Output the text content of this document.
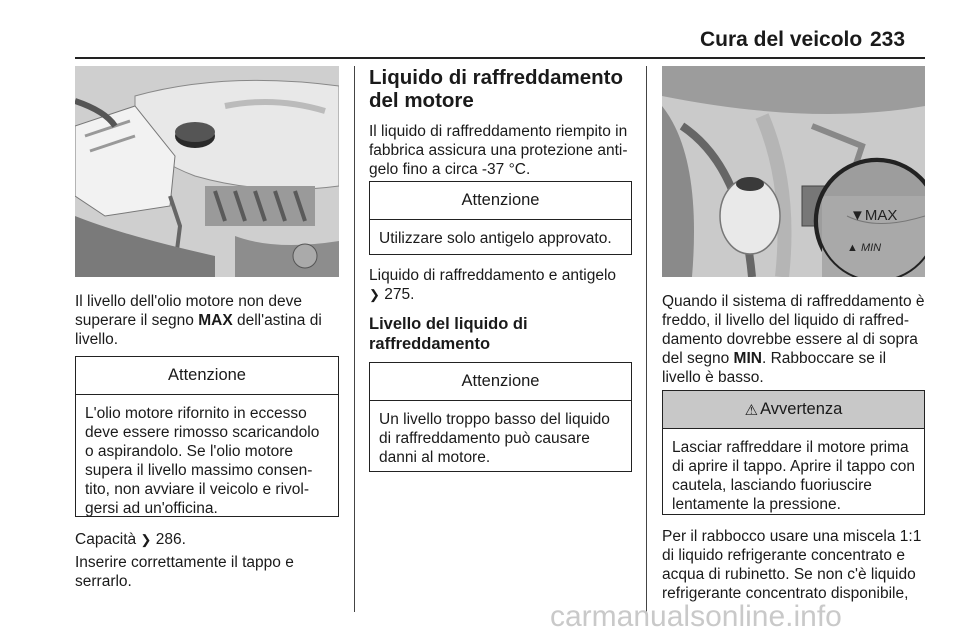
Cura del veicolo 233
Il livello dell'olio motore non deve superare il segno MAX dell'astina di livello.
Attenzione
L'olio motore rifornito in eccesso deve essere rimosso scaricandolo o aspirandolo. Se l'olio motore supera il livello massimo consen-tito, non avviare il veicolo e rivol-gersi ad un'officina.
Capacità ❯ 286.
Inserire correttamente il tappo e serrarlo.
Liquido di raffreddamento del motore
Il liquido di raffreddamento riempito in fabbrica assicura una protezione anti-gelo fino a circa -37 °C.
Attenzione
Utilizzare solo antigelo approvato.
Liquido di raffreddamento e antigelo
❯ 275.
Livello del liquido di raffreddamento
Attenzione
Un livello troppo basso del liquido di raffreddamento può causare danni al motore.
▼MAX
▲ MIN
Quando il sistema di raffreddamento è freddo, il livello del liquido di raffred-damento dovrebbe essere al di sopra del segno MIN. Rabboccare se il livello è basso.
⚠ Avvertenza
Lasciar raffreddare il motore prima di aprire il tappo. Aprire il tappo con cautela, lasciando fuoriuscire lentamente la pressione.
Per il rabbocco usare una miscela 1:1 di liquido refrigerante concentrato e acqua di rubinetto. Se non c'è liquido refrigerante concentrato disponibile,
carmanualsonline.info
